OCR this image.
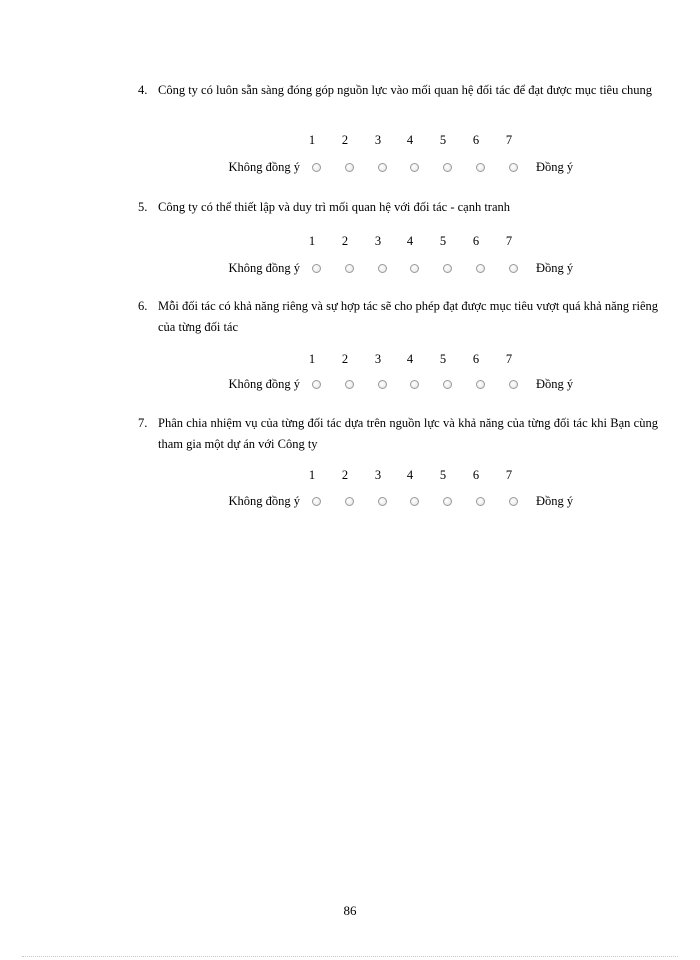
4. Công ty có luôn sẵn sàng đóng góp nguồn lực vào mối quan hệ đối tác để đạt được mục tiêu chung
1	2	3	4	5	6	7
Không đồng ý	Đồng ý
5. Công ty có thể thiết lập và duy trì mối quan hệ với đối tác - cạnh tranh
1	2	3	4	5	6	7
Không đồng ý	Đồng ý
6. Mỗi đối tác có khả năng riêng và sự hợp tác sẽ cho phép đạt được mục tiêu vượt quá khả năng riêng của từng đối tác
1	2	3	4	5	6	7
Không đồng ý	Đồng ý
7. Phân chia nhiệm vụ của từng đối tác dựa trên nguồn lực và khả năng của từng đối tác khi Bạn cùng tham gia một dự án với Công ty
1	2	3	4	5	6	7
Không đồng ý	Đồng ý
86
